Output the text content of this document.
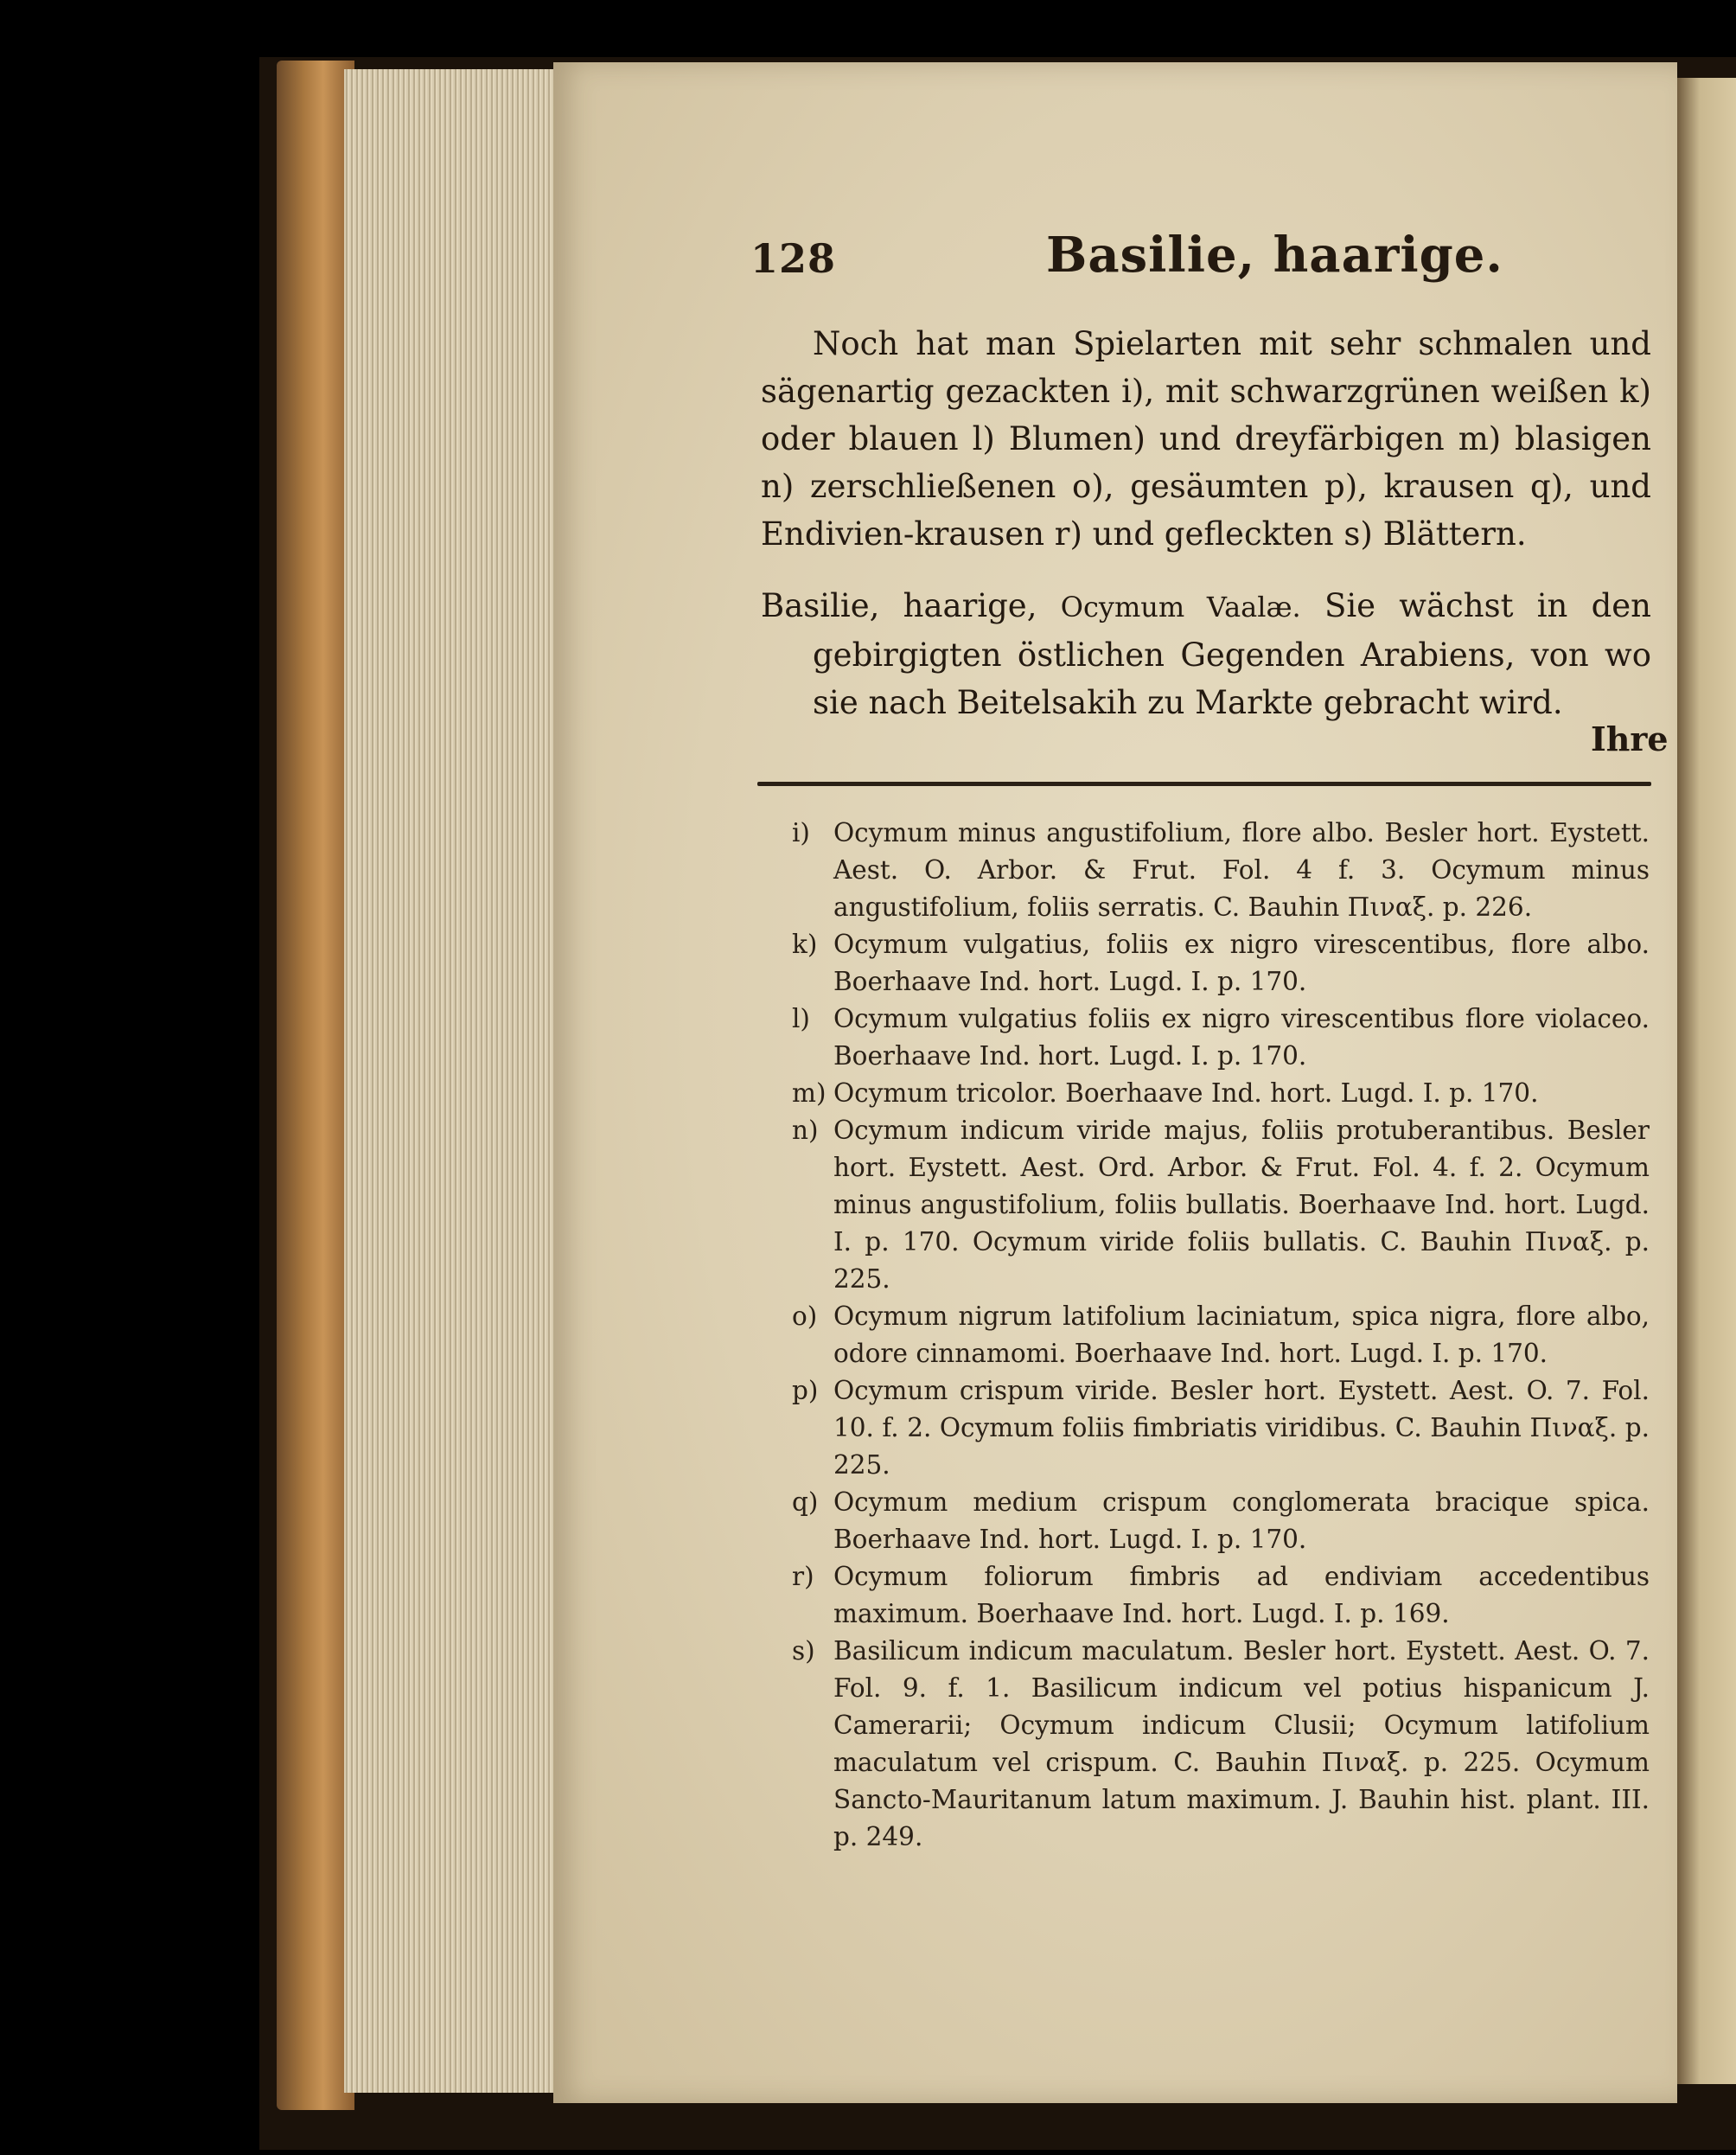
128	Basilie, haarige.

Noch hat man Spielarten mit sehr schmalen und sägenartig gezackten i), mit schwarzgrünen weißen k) oder blauen l) Blumen) und dreyfärbigen m) blasigen n) zerschließenen o), gesäumten p), krausen q), und Endivien-krausen r) und gefleckten s) Blättern.

Basilie, haarige, Ocymum Vaalæ. Sie wächst in den gebirgigten östlichen Gegenden Arabiens, von wo sie nach Beitelsakih zu Markte gebracht wird.

Ihre

i) Ocymum minus angustifolium, flore albo. Besler hort. Eystett. Aest. O. Arbor. & Frut. Fol. 4 f. 3. Ocymum minus angustifolium, foliis serratis. C. Bauhin Πιναξ. p. 226.

k) Ocymum vulgatius, foliis ex nigro virescentibus, flore albo. Boerhaave Ind. hort. Lugd. I. p. 170.

l) Ocymum vulgatius foliis ex nigro virescentibus flore violaceo. Boerhaave Ind. hort. Lugd. I. p. 170.

m) Ocymum tricolor. Boerhaave Ind. hort. Lugd. I. p. 170.

n) Ocymum indicum viride majus, foliis protuberantibus. Besler hort. Eystett. Aest. Ord. Arbor. & Frut. Fol. 4. f. 2. Ocymum minus angustifolium, foliis bullatis. Boerhaave Ind. hort. Lugd. I. p. 170. Ocymum viride foliis bullatis. C. Bauhin Πιναξ. p. 225.

o) Ocymum nigrum latifolium laciniatum, spica nigra, flore albo, odore cinnamomi. Boerhaave Ind. hort. Lugd. I. p. 170.

p) Ocymum crispum viride. Besler hort. Eystett. Aest. O. 7. Fol. 10. f. 2. Ocymum foliis fimbriatis viridibus. C. Bauhin Πιναξ. p. 225.

q) Ocymum medium crispum conglomerata bracique spica. Boerhaave Ind. hort. Lugd. I. p. 170.

r) Ocymum foliorum fimbris ad endiviam accedentibus maximum. Boerhaave Ind. hort. Lugd. I. p. 169.

s) Basilicum indicum maculatum. Besler hort. Eystett. Aest. O. 7. Fol. 9. f. 1. Basilicum indicum vel potius hispanicum J. Camerarii; Ocymum indicum Clusii; Ocymum latifolium maculatum vel crispum. C. Bauhin Πιναξ. p. 225. Ocymum Sancto-Mauritanum latum maximum. J. Bauhin hist. plant. III. p. 249.
